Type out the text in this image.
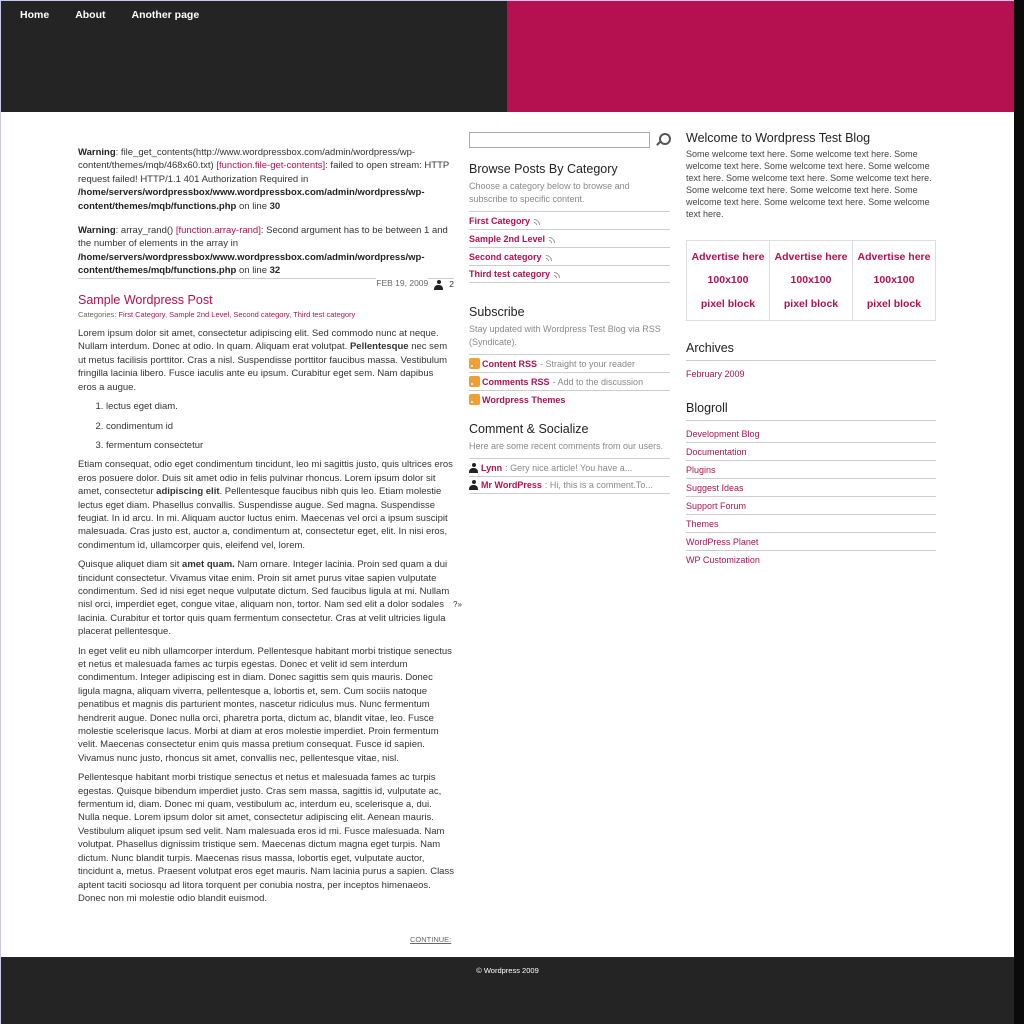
Home About Another page
Warning: file_get_contents(http://www.wordpressbox.com/admin/wordpress/wp-content/themes/mqb/468x60.txt) [function.file-get-contents]: failed to open stream: HTTP request failed! HTTP/1.1 401 Authorization Required in /home/servers/wordpressbox/www.wordpressbox.com/admin/wordpress/wp-content/themes/mqb/functions.php on line 30
Warning: array_rand() [function.array-rand]: Second argument has to be between 1 and the number of elements in the array in /home/servers/wordpressbox/www.wordpressbox.com/admin/wordpress/wp-content/themes/mqb/functions.php on line 32
FEB 19, 2009 2
Sample Wordpress Post
Categories: First Category, Sample 2nd Level, Second category, Third test category

Lorem ipsum dolor sit amet, consectetur adipiscing elit. Sed commodo nunc at neque. Nullam interdum. Donec at odio. In quam. Aliquam erat volutpat. Pellentesque nec sem ut metus facilisis porttitor. Cras a nisl. Suspendisse porttitor faucibus massa. Vestibulum fringilla lacinia libero. Fusce iaculis ante eu ipsum. Curabitur eget sem. Nam dapibus eros a augue.

1. lectus eget diam.
2. condimentum id
3. fermentum consectetur

Etiam consequat, odio eget condimentum tincidunt, leo mi sagittis justo, quis ultrices eros eros posuere dolor. Duis sit amet odio in felis pulvinar rhoncus. Lorem ipsum dolor sit amet, consectetur adipiscing elit. Pellentesque faucibus nibh quis leo. Etiam molestie lectus eget diam. Phasellus convallis. Suspendisse augue. Sed magna. Suspendisse feugiat. In id arcu. In mi. Aliquam auctor luctus enim. Maecenas vel orci a ipsum suscipit malesuada. Cras justo est, auctor a, condimentum at, consectetur eget, elit. In nisi eros, condimentum id, ullamcorper quis, eleifend vel, lorem.

Quisque aliquet diam sit amet quam. Nam ornare. Integer lacinia. Proin sed quam a dui tincidunt consectetur. Vivamus vitae enim. Proin sit amet purus vitae sapien vulputate condimentum. Sed id nisi eget neque vulputate dictum. Sed faucibus ligula at mi. Nullam nisl orci, imperdiet eget, congue vitae, aliquam non, tortor. Nam sed elit a dolor sodales lacinia. Curabitur et tortor quis quam fermentum consectetur. Cras at velit ultricies ligula placerat pellentesque.
?»

In eget velit eu nibh ullamcorper interdum. Pellentesque habitant morbi tristique senectus et netus et malesuada fames ac turpis egestas. Donec et velit id sem interdum condimentum. Integer adipiscing est in diam. Donec sagittis sem quis mauris. Donec ligula magna, aliquam viverra, pellentesque a, lobortis et, sem. Cum sociis natoque penatibus et magnis dis parturient montes, nascetur ridiculus mus. Nunc fermentum hendrerit augue. Donec nulla orci, pharetra porta, dictum ac, blandit vitae, leo. Fusce molestie scelerisque lacus. Morbi at diam at eros molestie imperdiet. Proin fermentum velit. Maecenas consectetur enim quis massa pretium consequat. Fusce id sapien. Vivamus nunc justo, rhoncus sit amet, convallis nec, pellentesque vitae, nisl.

Pellentesque habitant morbi tristique senectus et netus et malesuada fames ac turpis egestas. Quisque bibendum imperdiet justo. Cras sem massa, sagittis id, vulputate ac, fermentum id, diam. Donec mi quam, vestibulum ac, interdum eu, scelerisque a, dui. Nulla neque. Lorem ipsum dolor sit amet, consectetur adipiscing elit. Aenean mauris. Vestibulum aliquet ipsum sed velit. Nam malesuada eros id mi. Fusce malesuada. Nam volutpat. Phasellus dignissim tristique sem. Maecenas dictum magna eget turpis. Nam dictum. Nunc blandit turpis. Maecenas risus massa, lobortis eget, vulputate auctor, tincidunt a, metus. Praesent volutpat eros eget mauris. Nam lacinia purus a sapien. Class aptent taciti sociosqu ad litora torquent per conubia nostra, per inceptos himenaeos. Donec non mi molestie odio blandit euismod.

CONTINUE:
Browse Posts By Category
Choose a category below to browse and subscribe to specific content.
First Category
Sample 2nd Level
Second category
Third test category
Subscribe
Stay updated with Wordpress Test Blog via RSS (Syndicate).
Content RSS - Straight to your reader
Comments RSS - Add to the discussion
Wordpress Themes
Comment & Socialize
Here are some recent comments from our users.
Lynn : Gery nice article! You have a...
Mr WordPress : Hi, this is a comment.To...
Welcome to Wordpress Test Blog
Some welcome text here. Some welcome text here. Some welcome text here. Some welcome text here. Some welcome text here. Some welcome text here. Some welcome text here. Some welcome text here. Some welcome text here. Some welcome text here. Some welcome text here. Some welcome text here.
Advertise here
100x100
pixel block
Advertise here
100x100
pixel block
Advertise here
100x100
pixel block
Archives
February 2009
Blogroll
Development Blog
Documentation
Plugins
Suggest Ideas
Support Forum
Themes
WordPress Planet
WP Customization
© Wordpress 2009
